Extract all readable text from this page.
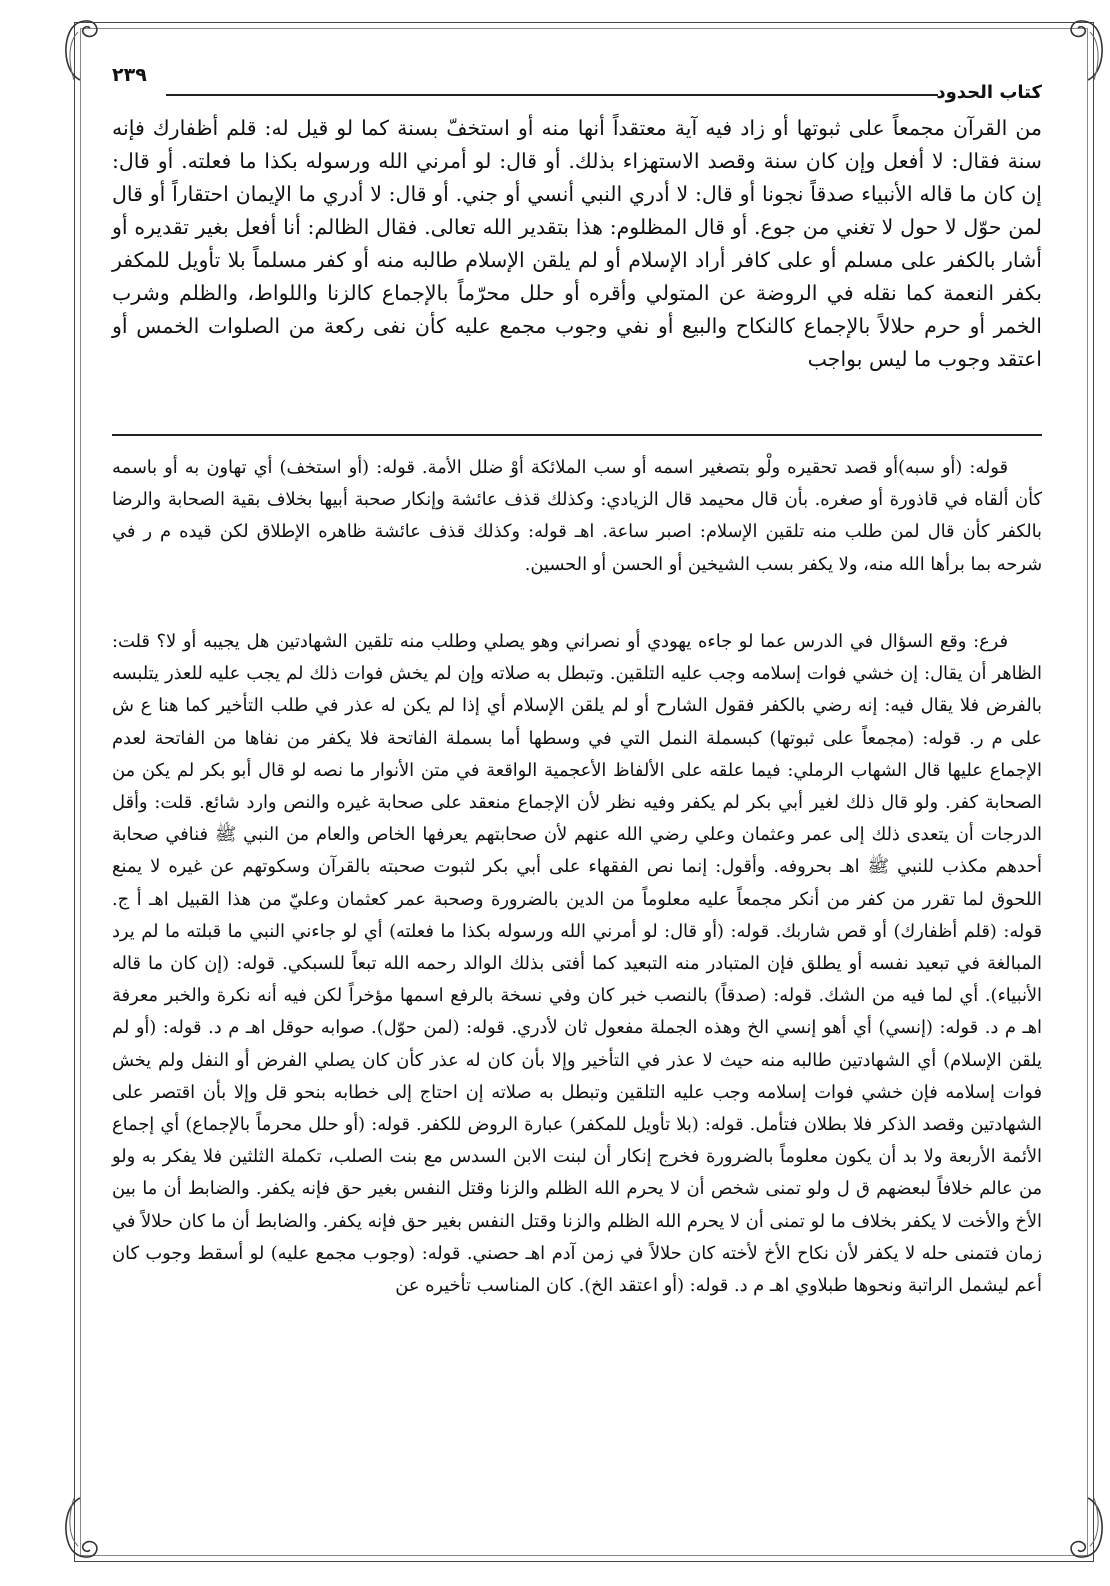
كتاب الحدود
٢٣٩

من القرآن مجمعاً على ثبوتها أو زاد فيه آية معتقداً أنها منه أو استخفّ بسنة كما لو قيل له: قلم أظفارك فإنه سنة فقال: لا أفعل وإن كان سنة وقصد الاستهزاء بذلك. أو قال: لو أمرني الله ورسوله بكذا ما فعلته. أو قال: إن كان ما قاله الأنبياء صدقاً نجونا أو قال: لا أدري النبي أنسي أو جني. أو قال: لا أدري ما الإيمان احتقاراً أو قال لمن حوّل لا حول لا تغني من جوع. أو قال المظلوم: هذا بتقدير الله تعالى. فقال الظالم: أنا أفعل بغير تقديره أو أشار بالكفر على مسلم أو على كافر أراد الإسلام أو لم يلقن الإسلام طالبه منه أو كفر مسلماً بلا تأويل للمكفر بكفر النعمة كما نقله في الروضة عن المتولي وأقره أو حلل محرّماً بالإجماع كالزنا واللواط، والظلم وشرب الخمر أو حرم حلالاً بالإجماع كالنكاح والبيع أو نفي وجوب مجمع عليه كأن نفى ركعة من الصلوات الخمس أو اعتقد وجوب ما ليس بواجب

قوله: (أو سبه)أو قصد تحقيره ولْو بتصغير اسمه أو سب الملائكة أوْ ضلل الأمة. قوله: (أو استخف) أي تهاون به أو باسمه كأن ألقاه في قاذورة أو صغره. بأن قال محيمد قال الزيادي: وكذلك قذف عائشة وإنكار صحبة أبيها بخلاف بقية الصحابة والرضا بالكفر كأن قال لمن طلب منه تلقين الإسلام: اصبر ساعة. اهـ قوله: وكذلك قذف عائشة ظاهره الإطلاق لكن قيده م ر في شرحه بما برأها الله منه، ولا يكفر بسب الشيخين أو الحسن أو الحسين.

فرع: وقع السؤال في الدرس عما لو جاءه يهودي أو نصراني وهو يصلي وطلب منه تلقين الشهادتين هل يجيبه أو لا؟ قلت: الظاهر أن يقال: إن خشي فوات إسلامه وجب عليه التلقين. وتبطل به صلاته وإن لم يخش فوات ذلك لم يجب عليه للعذر يتلبسه بالفرض فلا يقال فيه: إنه رضي بالكفر فقول الشارح أو لم يلقن الإسلام أي إذا لم يكن له عذر في طلب التأخير كما هنا ع ش على م ر. قوله: (مجمعاً على ثبوتها) كبسملة النمل التي في وسطها أما بسملة الفاتحة فلا يكفر من نفاها من الفاتحة لعدم الإجماع عليها قال الشهاب الرملي: فيما علقه على الألفاظ الأعجمية الواقعة في متن الأنوار ما نصه لو قال أبو بكر لم يكن من الصحابة كفر. ولو قال ذلك لغير أبي بكر لم يكفر وفيه نظر لأن الإجماع منعقد على صحابة غيره والنص وارد شائع. قلت: وأقل الدرجات أن يتعدى ذلك إلى عمر وعثمان وعلي رضي الله عنهم لأن صحابتهم يعرفها الخاص والعام من النبي ﷺ فنافي صحابة أحدهم مكذب للنبي ﷺ اهـ بحروفه. وأقول: إنما نص الفقهاء على أبي بكر لثبوت صحبته بالقرآن وسكوتهم عن غيره لا يمنع اللحوق لما تقرر من كفر من أنكر مجمعاً عليه معلوماً من الدين بالضرورة وصحبة عمر كعثمان وعليّ من هذا القبيل اهـ أ ج. قوله: (قلم أظفارك) أو قص شاربك. قوله: (أو قال: لو أمرني الله ورسوله بكذا ما فعلته) أي لو جاءني النبي ما قبلته ما لم يرد المبالغة في تبعيد نفسه أو يطلق فإن المتبادر منه التبعيد كما أفتى بذلك الوالد رحمه الله تبعاً للسبكي. قوله: (إن كان ما قاله الأنبياء). أي لما فيه من الشك. قوله: (صدقاً) بالنصب خبر كان وفي نسخة بالرفع اسمها مؤخراً لكن فيه أنه نكرة والخبر معرفة اهـ م د. قوله: (إنسي) أي أهو إنسي الخ وهذه الجملة مفعول ثان لأدري. قوله: (لمن حوّل). صوابه حوقل اهـ م د. قوله: (أو لم يلقن الإسلام) أي الشهادتين طالبه منه حيث لا عذر في التأخير وإلا بأن كان له عذر كأن كان يصلي الفرض أو النفل ولم يخش فوات إسلامه فإن خشي فوات إسلامه وجب عليه التلقين وتبطل به صلاته إن احتاج إلى خطابه بنحو قل وإلا بأن اقتصر على الشهادتين وقصد الذكر فلا بطلان فتأمل. قوله: (بلا تأويل للمكفر) عبارة الروض للكفر. قوله: (أو حلل محرماً بالإجماع) أي إجماع الأئمة الأربعة ولا بد أن يكون معلوماً بالضرورة فخرج إنكار أن لبنت الابن السدس مع بنت الصلب، تكملة الثلثين فلا يفكر به ولو من عالم خلافاً لبعضهم ق ل ولو تمنى شخص أن لا يحرم الله الظلم والزنا وقتل النفس بغير حق فإنه يكفر. والضابط أن ما بين الأخ والأخت لا يكفر بخلاف ما لو تمنى أن لا يحرم الله الظلم والزنا وقتل النفس بغير حق فإنه يكفر. والضابط أن ما كان حلالاً في زمان فتمنى حله لا يكفر لأن نكاح الأخ لأخته كان حلالاً في زمن آدم اهـ حصني. قوله: (وجوب مجمع عليه) لو أسقط وجوب كان أعم ليشمل الراتبة ونحوها طبلاوي اهـ م د. قوله: (أو اعتقد الخ). كان المناسب تأخيره عن
